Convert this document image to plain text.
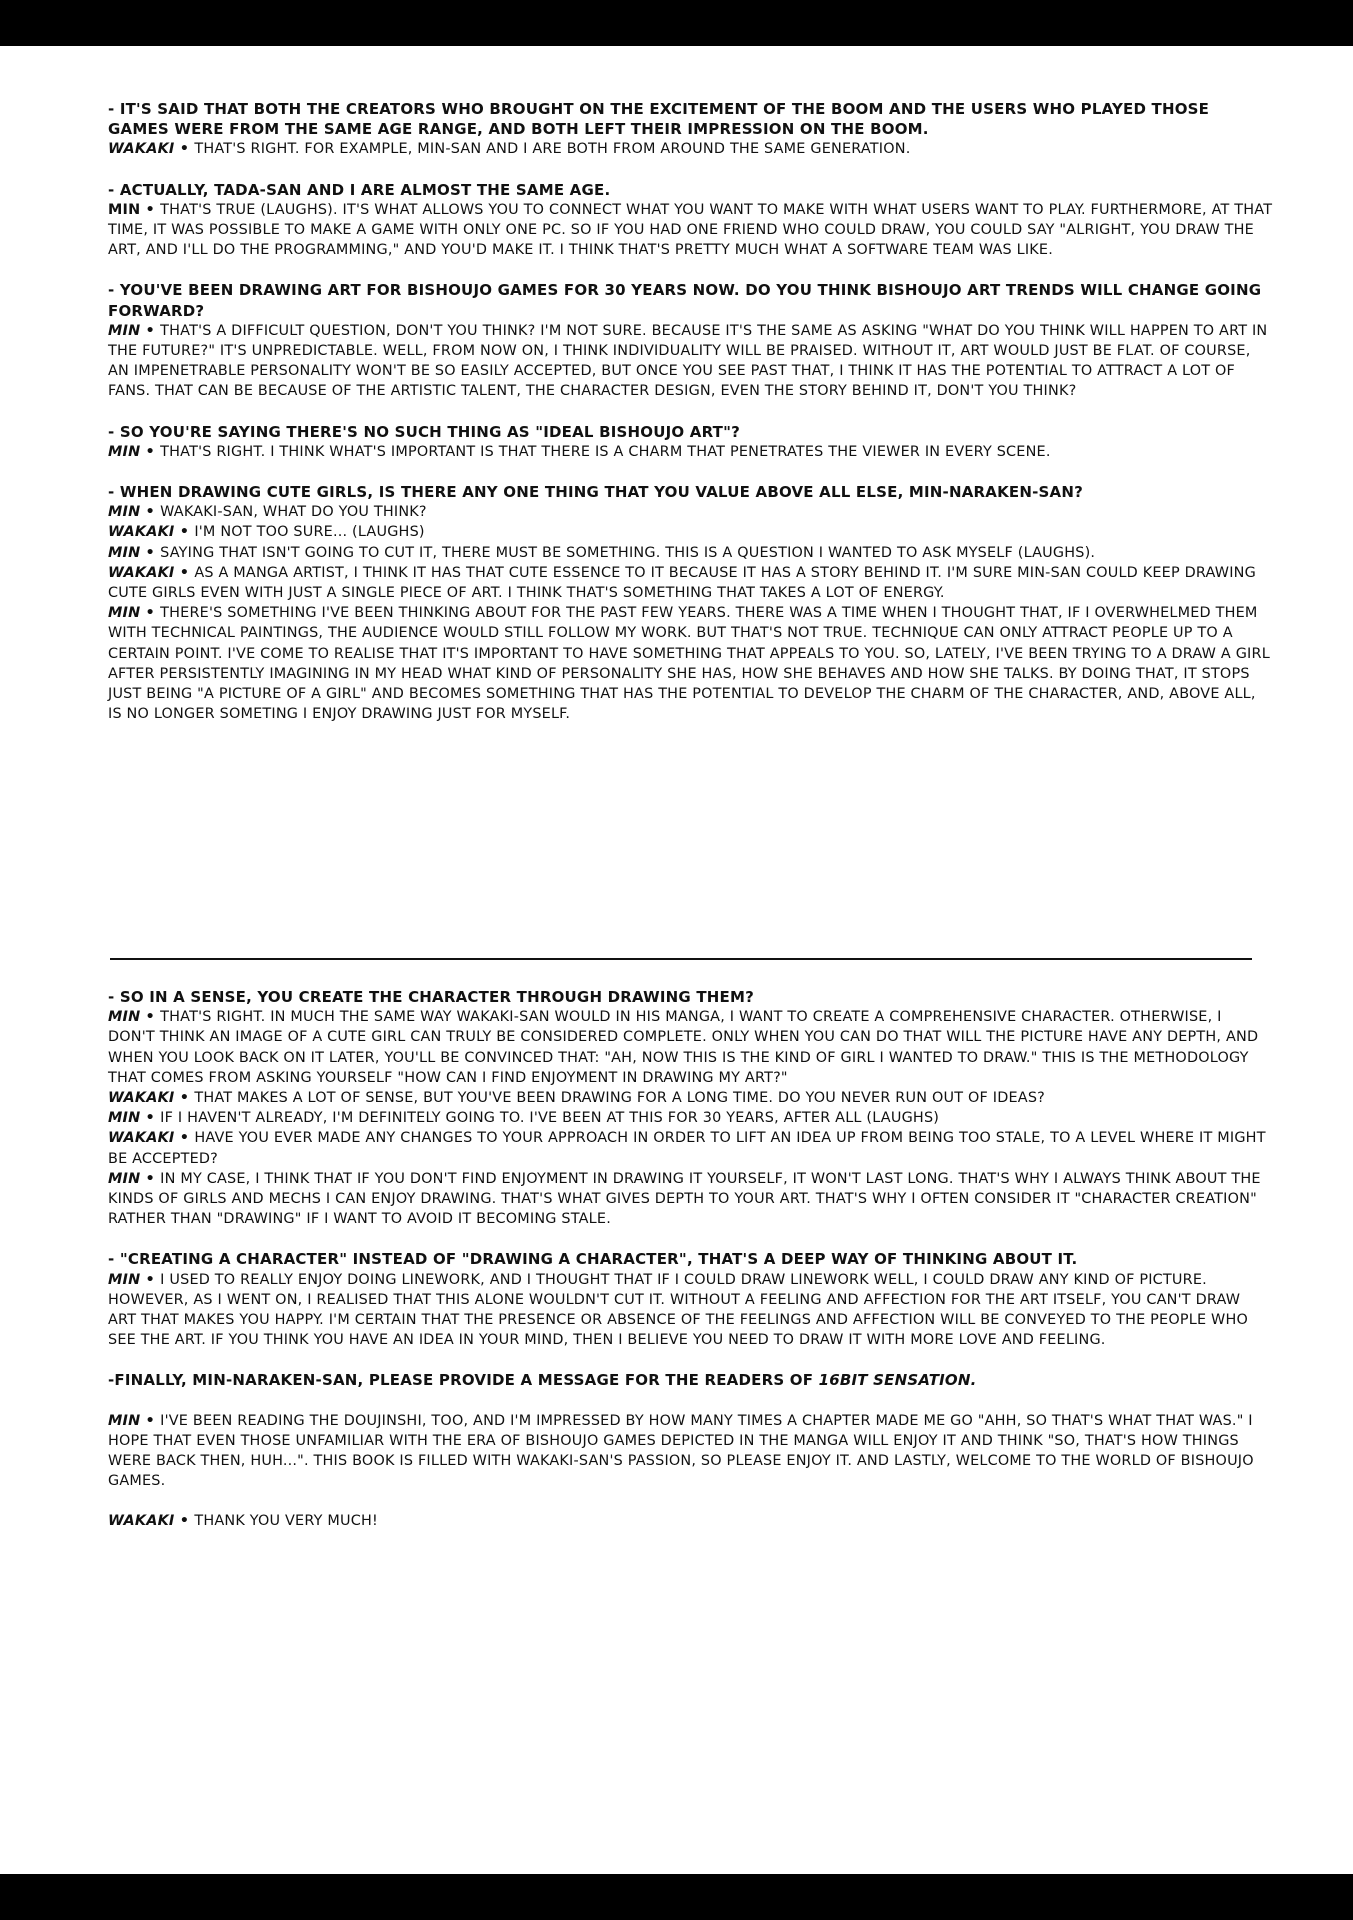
- IT'S SAID THAT BOTH THE CREATORS WHO BROUGHT ON THE EXCITEMENT OF THE BOOM AND THE USERS WHO PLAYED THOSE GAMES WERE FROM THE SAME AGE RANGE, AND BOTH LEFT THEIR IMPRESSION ON THE BOOM.
WAKAKI • THAT'S RIGHT. FOR EXAMPLE, MIN-SAN AND I ARE BOTH FROM AROUND THE SAME GENERATION.
- ACTUALLY, TADA-SAN AND I ARE ALMOST THE SAME AGE.
MIN • THAT'S TRUE (LAUGHS). IT'S WHAT ALLOWS YOU TO CONNECT WHAT YOU WANT TO MAKE WITH WHAT USERS WANT TO PLAY. FURTHERMORE, AT THAT TIME, IT WAS POSSIBLE TO MAKE A GAME WITH ONLY ONE PC. SO IF YOU HAD ONE FRIEND WHO COULD DRAW, YOU COULD SAY "ALRIGHT, YOU DRAW THE ART, AND I'LL DO THE PROGRAMMING," AND YOU'D MAKE IT. I THINK THAT'S PRETTY MUCH WHAT A SOFTWARE TEAM WAS LIKE.
- YOU'VE BEEN DRAWING ART FOR BISHOUJO GAMES FOR 30 YEARS NOW. DO YOU THINK BISHOUJO ART TRENDS WILL CHANGE GOING FORWARD?
MIN • THAT'S A DIFFICULT QUESTION, DON'T YOU THINK? I'M NOT SURE. BECAUSE IT'S THE SAME AS ASKING "WHAT DO YOU THINK WILL HAPPEN TO ART IN THE FUTURE?" IT'S UNPREDICTABLE. WELL, FROM NOW ON, I THINK INDIVIDUALITY WILL BE PRAISED. WITHOUT IT, ART WOULD JUST BE FLAT. OF COURSE, AN IMPENETRABLE PERSONALITY WON'T BE SO EASILY ACCEPTED, BUT ONCE YOU SEE PAST THAT, I THINK IT HAS THE POTENTIAL TO ATTRACT A LOT OF FANS. THAT CAN BE BECAUSE OF THE ARTISTIC TALENT, THE CHARACTER DESIGN, EVEN THE STORY BEHIND IT, DON'T YOU THINK?
- SO YOU'RE SAYING THERE'S NO SUCH THING AS "IDEAL BISHOUJO ART"?
MIN • THAT'S RIGHT. I THINK WHAT'S IMPORTANT IS THAT THERE IS A CHARM THAT PENETRATES THE VIEWER IN EVERY SCENE.
- WHEN DRAWING CUTE GIRLS, IS THERE ANY ONE THING THAT YOU VALUE ABOVE ALL ELSE, MIN-NARAKEN-SAN?
MIN • WAKAKI-SAN, WHAT DO YOU THINK?
WAKAKI • I'M NOT TOO SURE... (LAUGHS)
MIN • SAYING THAT ISN'T GOING TO CUT IT, THERE MUST BE SOMETHING. THIS IS A QUESTION I WANTED TO ASK MYSELF (LAUGHS).
WAKAKI • AS A MANGA ARTIST, I THINK IT HAS THAT CUTE ESSENCE TO IT BECAUSE IT HAS A STORY BEHIND IT. I'M SURE MIN-SAN COULD KEEP DRAWING CUTE GIRLS EVEN WITH JUST A SINGLE PIECE OF ART. I THINK THAT'S SOMETHING THAT TAKES A LOT OF ENERGY.
MIN • THERE'S SOMETHING I'VE BEEN THINKING ABOUT FOR THE PAST FEW YEARS. THERE WAS A TIME WHEN I THOUGHT THAT, IF I OVERWHELMED THEM WITH TECHNICAL PAINTINGS, THE AUDIENCE WOULD STILL FOLLOW MY WORK. BUT THAT'S NOT TRUE. TECHNIQUE CAN ONLY ATTRACT PEOPLE UP TO A CERTAIN POINT. I'VE COME TO REALISE THAT IT'S IMPORTANT TO HAVE SOMETHING THAT APPEALS TO YOU. SO, LATELY, I'VE BEEN TRYING TO A DRAW A GIRL AFTER PERSISTENTLY IMAGINING IN MY HEAD WHAT KIND OF PERSONALITY SHE HAS, HOW SHE BEHAVES AND HOW SHE TALKS. BY DOING THAT, IT STOPS JUST BEING "A PICTURE OF A GIRL" AND BECOMES SOMETHING THAT HAS THE POTENTIAL TO DEVELOP THE CHARM OF THE CHARACTER, AND, ABOVE ALL, IS NO LONGER SOMETING I ENJOY DRAWING JUST FOR MYSELF.
- SO IN A SENSE, YOU CREATE THE CHARACTER THROUGH DRAWING THEM?
MIN • THAT'S RIGHT. IN MUCH THE SAME WAY WAKAKI-SAN WOULD IN HIS MANGA, I WANT TO CREATE A COMPREHENSIVE CHARACTER. OTHERWISE, I DON'T THINK AN IMAGE OF A CUTE GIRL CAN TRULY BE CONSIDERED COMPLETE. ONLY WHEN YOU CAN DO THAT WILL THE PICTURE HAVE ANY DEPTH, AND WHEN YOU LOOK BACK ON IT LATER, YOU'LL BE CONVINCED THAT: "AH, NOW THIS IS THE KIND OF GIRL I WANTED TO DRAW." THIS IS THE METHODOLOGY THAT COMES FROM ASKING YOURSELF "HOW CAN I FIND ENJOYMENT IN DRAWING MY ART?"
WAKAKI • THAT MAKES A LOT OF SENSE, BUT YOU'VE BEEN DRAWING FOR A LONG TIME. DO YOU NEVER RUN OUT OF IDEAS?
MIN • IF I HAVEN'T ALREADY, I'M DEFINITELY GOING TO. I'VE BEEN AT THIS FOR 30 YEARS, AFTER ALL (LAUGHS)
WAKAKI • HAVE YOU EVER MADE ANY CHANGES TO YOUR APPROACH IN ORDER TO LIFT AN IDEA UP FROM BEING TOO STALE, TO A LEVEL WHERE IT MIGHT BE ACCEPTED?
MIN • IN MY CASE, I THINK THAT IF YOU DON'T FIND ENJOYMENT IN DRAWING IT YOURSELF, IT WON'T LAST LONG. THAT'S WHY I ALWAYS THINK ABOUT THE KINDS OF GIRLS AND MECHS I CAN ENJOY DRAWING. THAT'S WHAT GIVES DEPTH TO YOUR ART. THAT'S WHY I OFTEN CONSIDER IT "CHARACTER CREATION" RATHER THAN "DRAWING" IF I WANT TO AVOID IT BECOMING STALE.
- "CREATING A CHARACTER" INSTEAD OF "DRAWING A CHARACTER", THAT'S A DEEP WAY OF THINKING ABOUT IT.
MIN • I USED TO REALLY ENJOY DOING LINEWORK, AND I THOUGHT THAT IF I COULD DRAW LINEWORK WELL, I COULD DRAW ANY KIND OF PICTURE. HOWEVER, AS I WENT ON, I REALISED THAT THIS ALONE WOULDN'T CUT IT. WITHOUT A FEELING AND AFFECTION FOR THE ART ITSELF, YOU CAN'T DRAW ART THAT MAKES YOU HAPPY. I'M CERTAIN THAT THE PRESENCE OR ABSENCE OF THE FEELINGS AND AFFECTION WILL BE CONVEYED TO THE PEOPLE WHO SEE THE ART. IF YOU THINK YOU HAVE AN IDEA IN YOUR MIND, THEN I BELIEVE YOU NEED TO DRAW IT WITH MORE LOVE AND FEELING.
-FINALLY, MIN-NARAKEN-SAN, PLEASE PROVIDE A MESSAGE FOR THE READERS OF 16BIT SENSATION.
MIN • I'VE BEEN READING THE DOUJINSHI, TOO, AND I'M IMPRESSED BY HOW MANY TIMES A CHAPTER MADE ME GO "AHH, SO THAT'S WHAT THAT WAS." I HOPE THAT EVEN THOSE UNFAMILIAR WITH THE ERA OF BISHOUJO GAMES DEPICTED IN THE MANGA WILL ENJOY IT AND THINK "SO, THAT'S HOW THINGS WERE BACK THEN, HUH...". THIS BOOK IS FILLED WITH WAKAKI-SAN'S PASSION, SO PLEASE ENJOY IT. AND LASTLY, WELCOME TO THE WORLD OF BISHOUJO GAMES.
WAKAKI • THANK YOU VERY MUCH!
